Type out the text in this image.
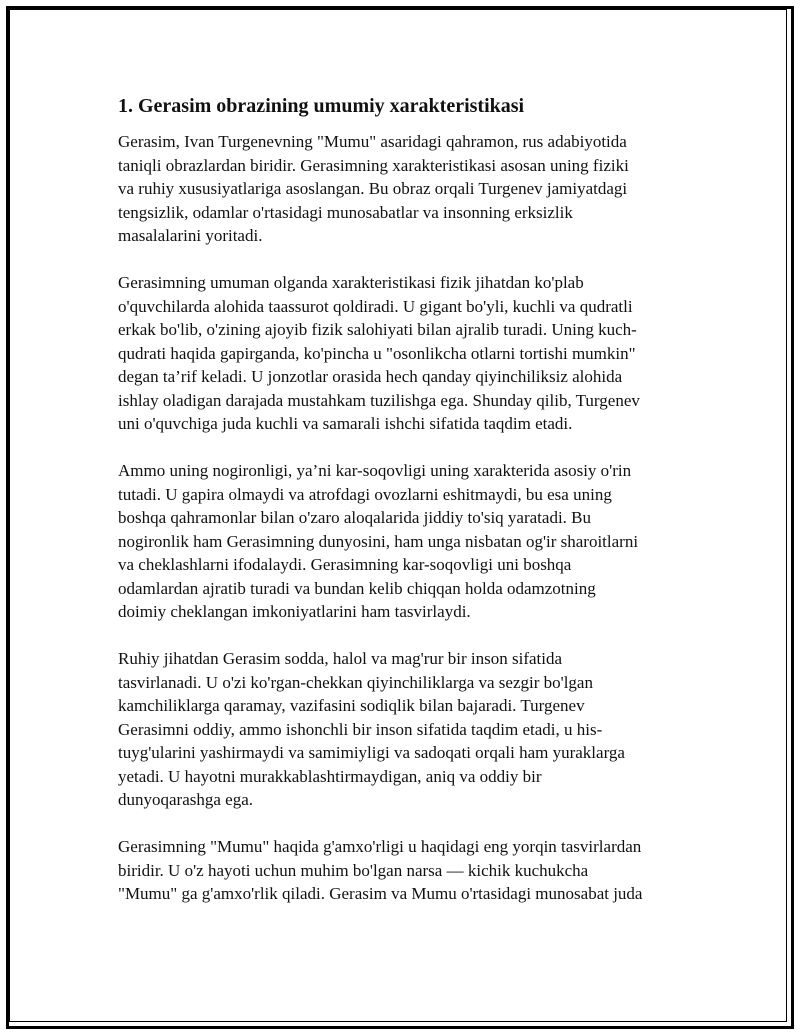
1. Gerasim obrazining umumiy xarakteristikasi
Gerasim, Ivan Turgenevning "Mumu" asaridagi qahramon, rus adabiyotida
taniqli obrazlardan biridir. Gerasimning xarakteristikasi asosan uning fiziki
va ruhiy xususiyatlariga asoslangan. Bu obraz orqali Turgenev jamiyatdagi
tengsizlik, odamlar o'rtasidagi munosabatlar va insonning erksizlik
masalalarini yoritadi.
Gerasimning umuman olganda xarakteristikasi fizik jihatdan ko'plab
o'quvchilarda alohida taassurot qoldiradi. U gigant bo'yli, kuchli va qudratli
erkak bo'lib, o'zining ajoyib fizik salohiyati bilan ajralib turadi. Uning kuch-
qudrati haqida gapirganda, ko'pincha u "osonlikcha otlarni tortishi mumkin"
degan ta’rif keladi. U jonzotlar orasida hech qanday qiyinchiliksiz alohida
ishlay oladigan darajada mustahkam tuzilishga ega. Shunday qilib, Turgenev
uni o'quvchiga juda kuchli va samarali ishchi sifatida taqdim etadi.
Ammo uning nogironligi, ya’ni kar-soqovligi uning xarakterida asosiy o'rin
tutadi. U gapira olmaydi va atrofdagi ovozlarni eshitmaydi, bu esa uning
boshqa qahramonlar bilan o'zaro aloqalarida jiddiy to'siq yaratadi. Bu
nogironlik ham Gerasimning dunyosini, ham unga nisbatan og'ir sharoitlarni
va cheklashlarni ifodalaydi. Gerasimning kar-soqovligi uni boshqa
odamlardan ajratib turadi va bundan kelib chiqqan holda odamzotning
doimiy cheklangan imkoniyatlarini ham tasvirlaydi.
Ruhiy jihatdan Gerasim sodda, halol va mag'rur bir inson sifatida
tasvirlanadi. U o'zi ko'rgan-chekkan qiyinchiliklarga va sezgir bo'lgan
kamchiliklarga qaramay, vazifasini sodiqlik bilan bajaradi. Turgenev
Gerasimni oddiy, ammo ishonchli bir inson sifatida taqdim etadi, u his-
tuyg'ularini yashirmaydi va samimiyligi va sadoqati orqali ham yuraklarga
yetadi. U hayotni murakkablashtirmaydigan, aniq va oddiy bir
dunyoqarashga ega.
Gerasimning "Mumu" haqida g'amxo'rligi u haqidagi eng yorqin tasvirlardan
biridir. U o'z hayoti uchun muhim bo'lgan narsa — kichik kuchukcha
"Mumu" ga g'amxo'rlik qiladi. Gerasim va Mumu o'rtasidagi munosabat juda
